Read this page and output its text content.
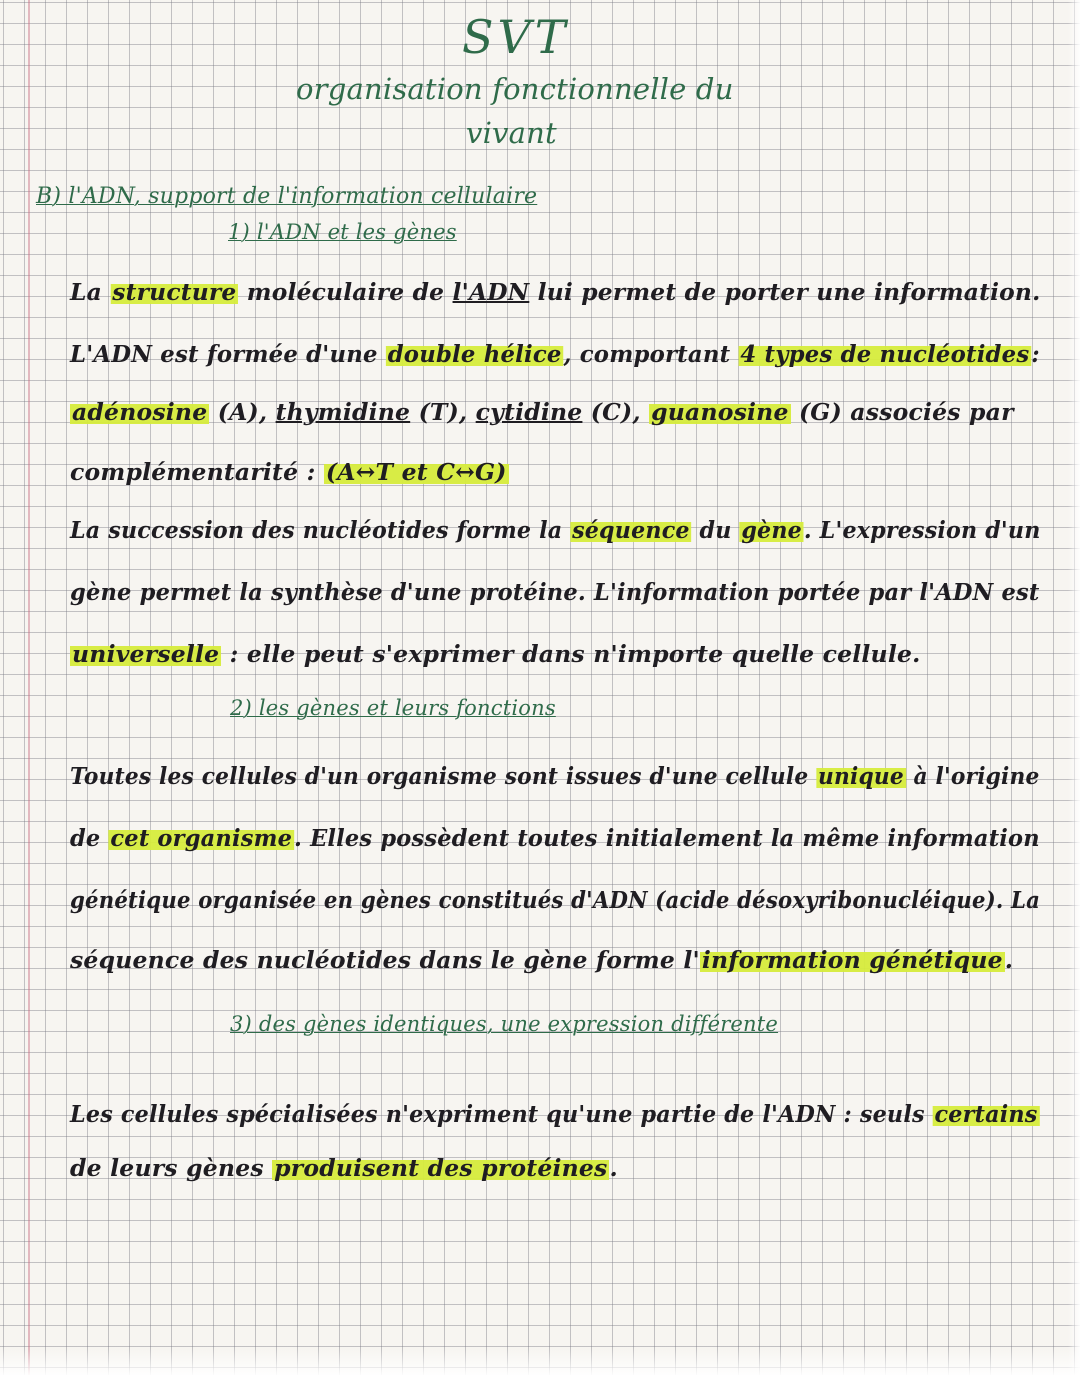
SVT
organisation fonctionnelle du
vivant
B) l'ADN, support de l'information cellulaire
1) l'ADN et les gènes
La structure moléculaire de l'ADN lui permet de porter une information.
L'ADN est formée d'une double hélice, comportant 4 types de nucléotides:
adénosine (A), thymidine (T), cytidine (C), guanosine (G) associés par
complémentarité : (A↔T et C↔G)
La succession des nucléotides forme la séquence du gène. L'expression d'un
gène permet la synthèse d'une protéine. L'information portée par l'ADN est
universelle : elle peut s'exprimer dans n'importe quelle cellule.
2) les gènes et leurs fonctions
Toutes les cellules d'un organisme sont issues d'une cellule unique à l'origine
de cet organisme. Elles possèdent toutes initialement la même information
génétique organisée en gènes constitués d'ADN (acide désoxyribonucléique). La
séquence des nucléotides dans le gène forme l'information génétique.
3) des gènes identiques, une expression différente
Les cellules spécialisées n'expriment qu'une partie de l'ADN : seuls certains
de leurs gènes produisent des protéines.
